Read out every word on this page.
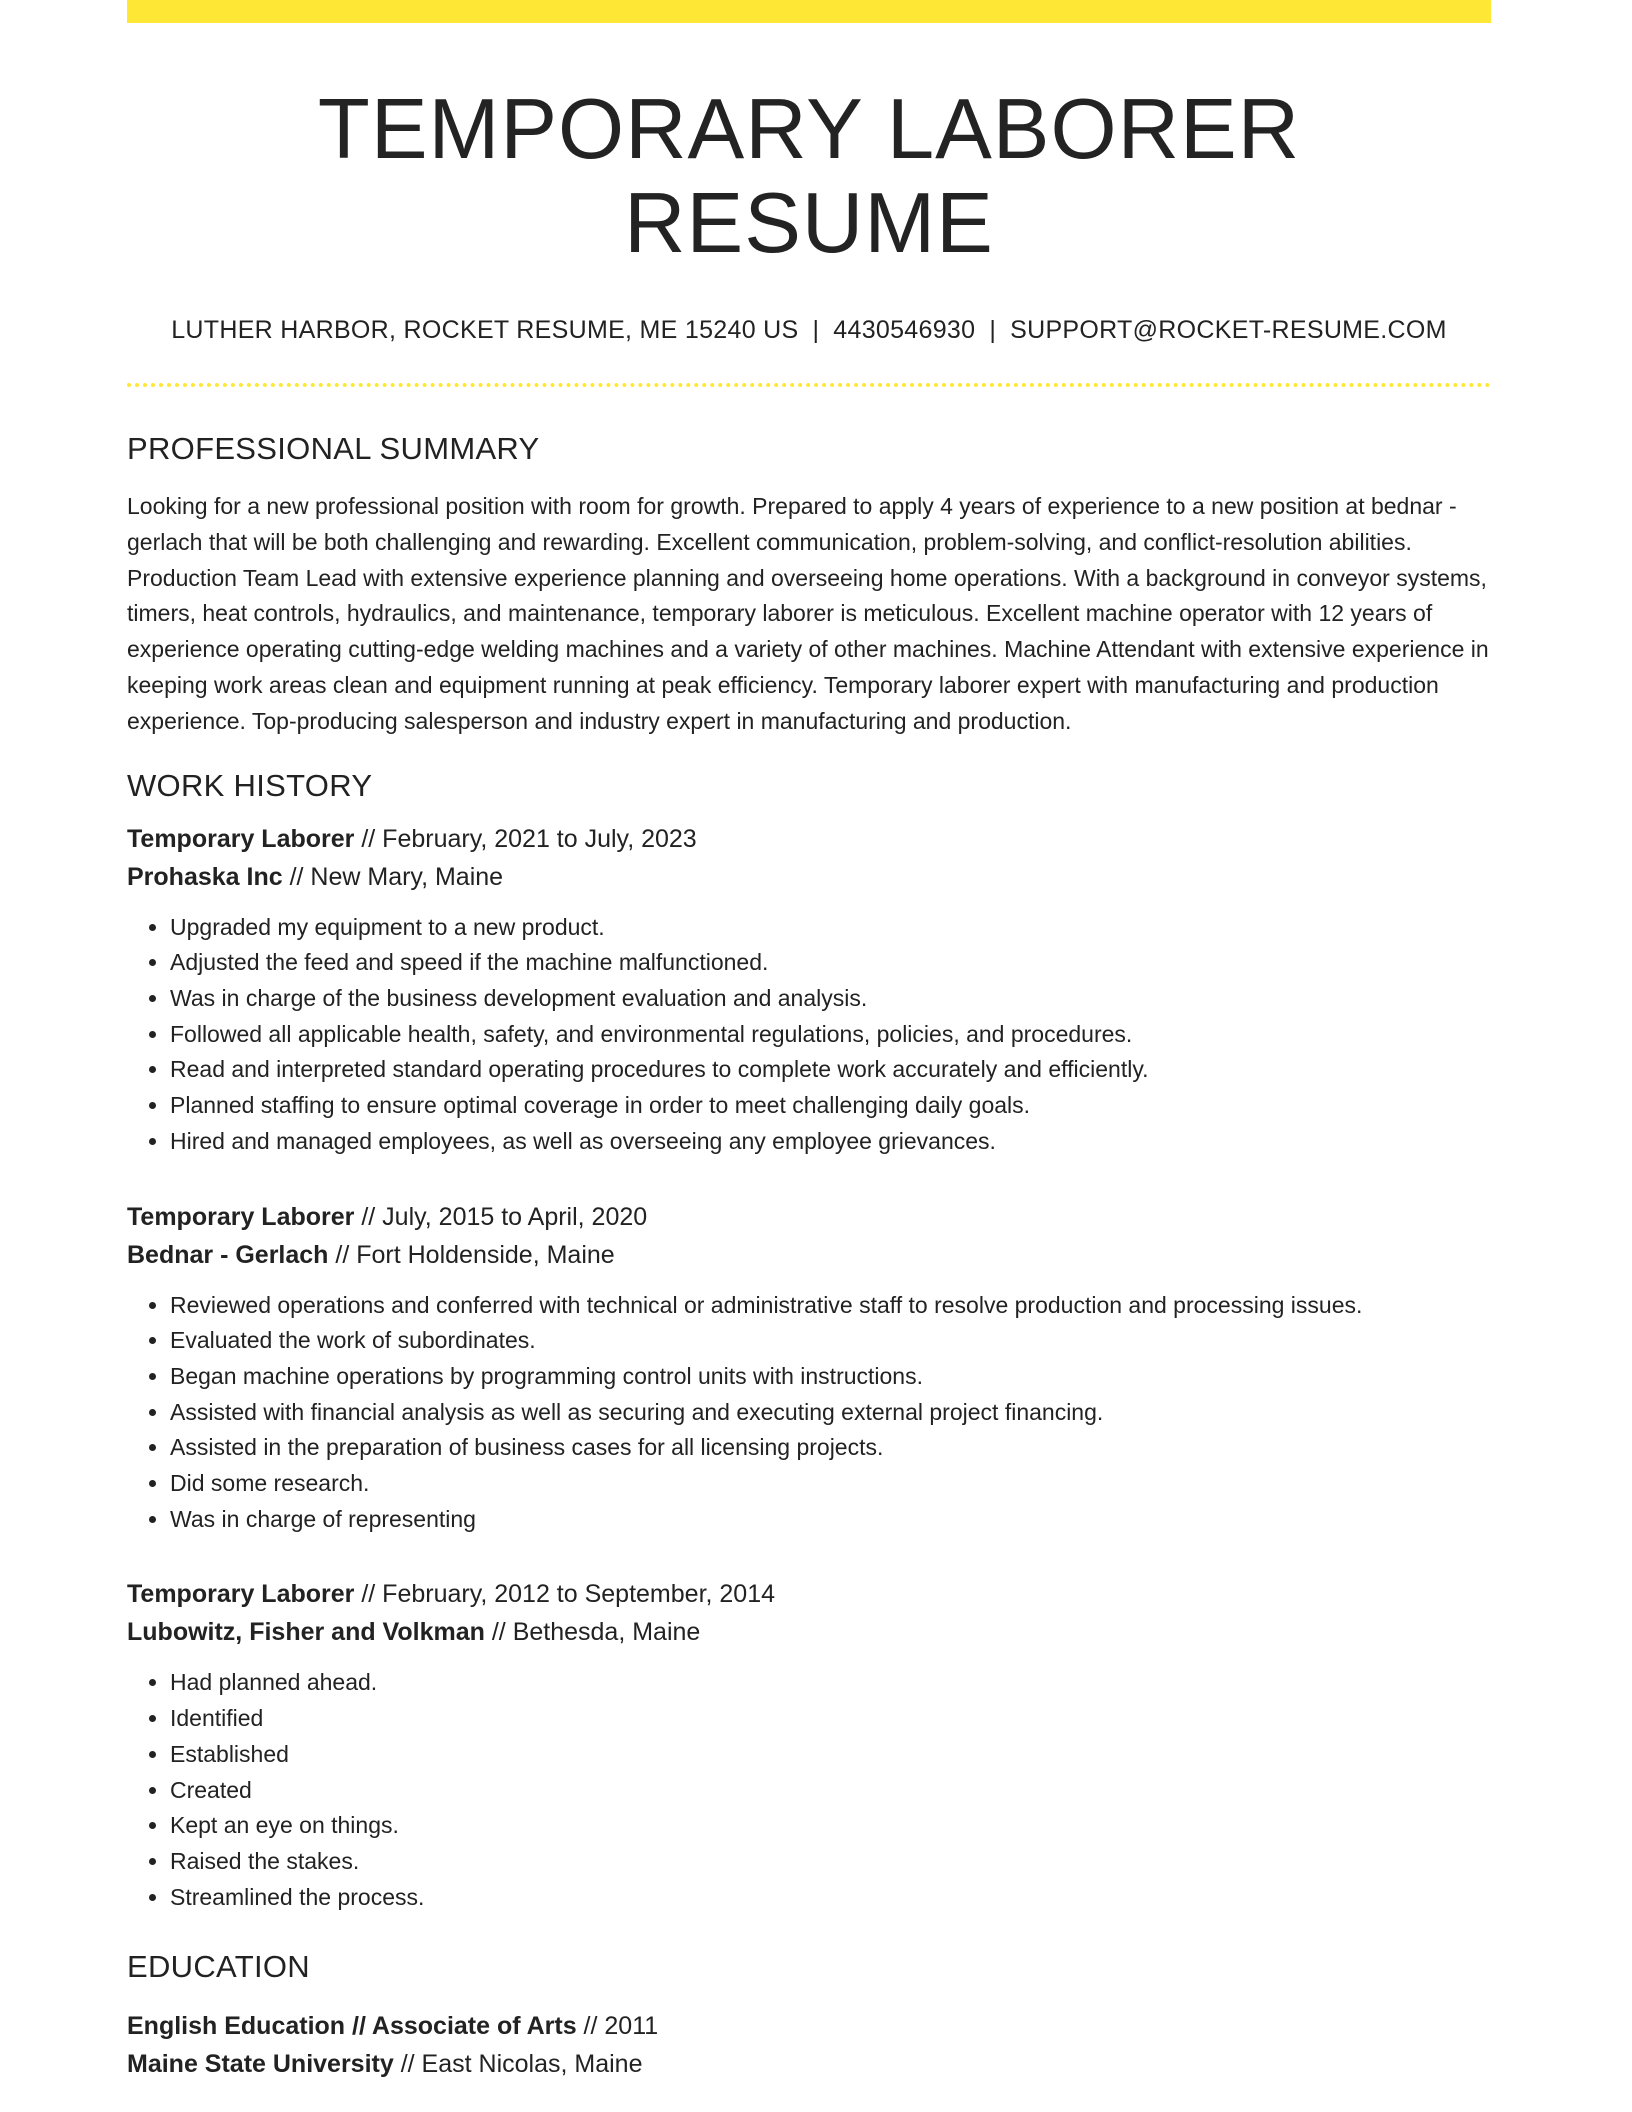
TEMPORARY LABORER RESUME
LUTHER HARBOR, ROCKET RESUME, ME 15240 US | 4430546930 | SUPPORT@ROCKET-RESUME.COM
PROFESSIONAL SUMMARY
Looking for a new professional position with room for growth. Prepared to apply 4 years of experience to a new position at bednar - gerlach that will be both challenging and rewarding. Excellent communication, problem-solving, and conflict-resolution abilities. Production Team Lead with extensive experience planning and overseeing home operations. With a background in conveyor systems, timers, heat controls, hydraulics, and maintenance, temporary laborer is meticulous. Excellent machine operator with 12 years of experience operating cutting-edge welding machines and a variety of other machines. Machine Attendant with extensive experience in keeping work areas clean and equipment running at peak efficiency. Temporary laborer expert with manufacturing and production experience. Top-producing salesperson and industry expert in manufacturing and production.
WORK HISTORY
Temporary Laborer // February, 2021 to July, 2023
Prohaska Inc // New Mary, Maine
• Upgraded my equipment to a new product.
• Adjusted the feed and speed if the machine malfunctioned.
• Was in charge of the business development evaluation and analysis.
• Followed all applicable health, safety, and environmental regulations, policies, and procedures.
• Read and interpreted standard operating procedures to complete work accurately and efficiently.
• Planned staffing to ensure optimal coverage in order to meet challenging daily goals.
• Hired and managed employees, as well as overseeing any employee grievances.
Temporary Laborer // July, 2015 to April, 2020
Bednar - Gerlach // Fort Holdenside, Maine
• Reviewed operations and conferred with technical or administrative staff to resolve production and processing issues.
• Evaluated the work of subordinates.
• Began machine operations by programming control units with instructions.
• Assisted with financial analysis as well as securing and executing external project financing.
• Assisted in the preparation of business cases for all licensing projects.
• Did some research.
• Was in charge of representing
Temporary Laborer // February, 2012 to September, 2014
Lubowitz, Fisher and Volkman // Bethesda, Maine
• Had planned ahead.
• Identified
• Established
• Created
• Kept an eye on things.
• Raised the stakes.
• Streamlined the process.
EDUCATION
English Education // Associate of Arts // 2011
Maine State University // East Nicolas, Maine
